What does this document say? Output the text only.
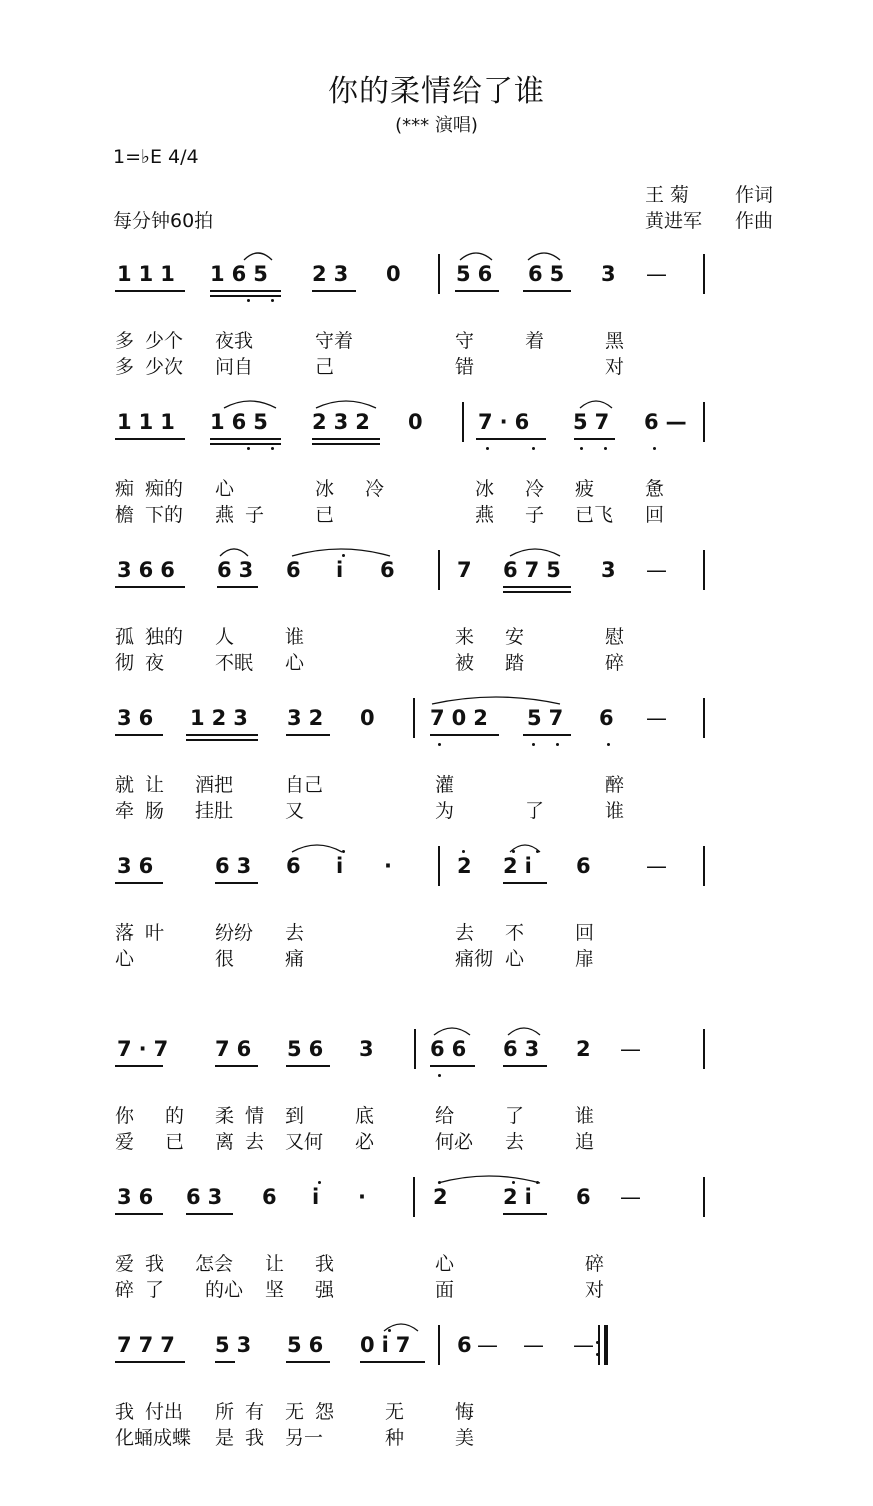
你的柔情给了谁
(*** 演唱)
1=♭E 4/4
每分钟60拍
王 菊 作词
黄进军 作曲
111 165 23 0 56 65 3 —
多 少个 夜我	守着	守	着	黑
多 少次 问自	己	错	对
111 165 232 0 7·6 57 6—
痴 痴的 心	冰 冷	冰 冷 疲	惫
檐 下的 燕 子	已	燕 子 已飞 回
366 63 6 i 6	7 675 3 —
孤 独的 人	谁	来 安	慰
彻 夜	不眠 心	被 踏	碎
36 123 32 0 702 57 6 —
就 让 酒把	自己	灌	醉
牵 肠 挂肚	又	为	了	谁
36	63 6 i ·	2 2i 6 —
落 叶	纷纷 去	去 不	回
心	很	痛	痛彻 心	扉
7·7 76 56 3 66 63 2 —
你 的 柔 情 到	底	给	了	谁
爱 已 离 去 又何 必	何必 去	追
36 63 6 i ·	2 2i 6 —
爱 我 怎会 让 我	心	碎
碎 了 的心 坚 强	面	对
777 53 56 0i7 6
— — —
我 付出 所 有 无 怨	无	悔
化蛹成蝶 是 我 另一	种	美
